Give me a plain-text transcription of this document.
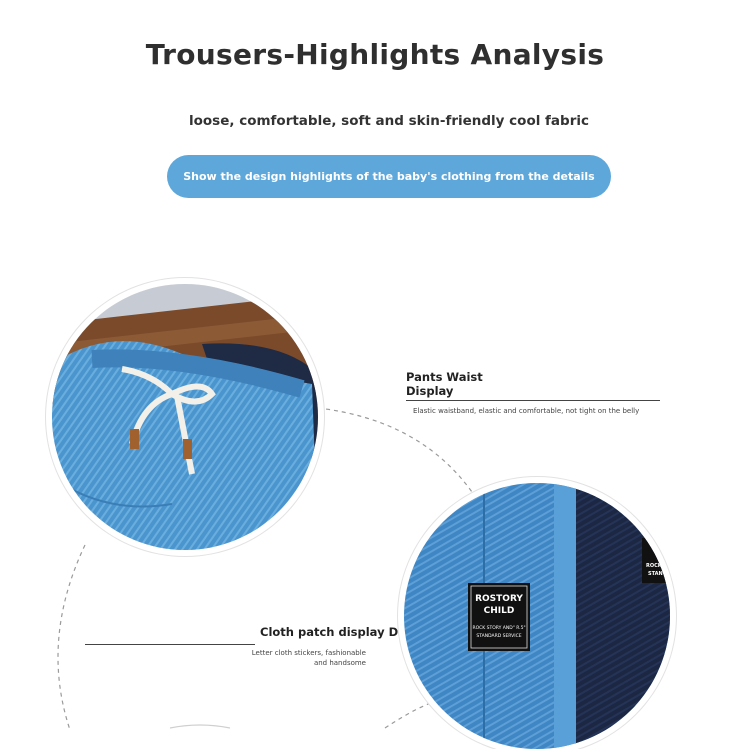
Trousers-Highlights Analysis
loose, comfortable, soft and skin-friendly cool fabric
Show the design highlights of the baby's clothing from the details
ROSTORY
CHILD
ROCK STORY AND" R.5"
STANDARD SERVICE
ROCK S
STAN
Pants Waist Display
Elastic waistband, elastic and comfortable, not tight on the belly
Cloth patch display D
Letter cloth stickers, fashionable and handsome
